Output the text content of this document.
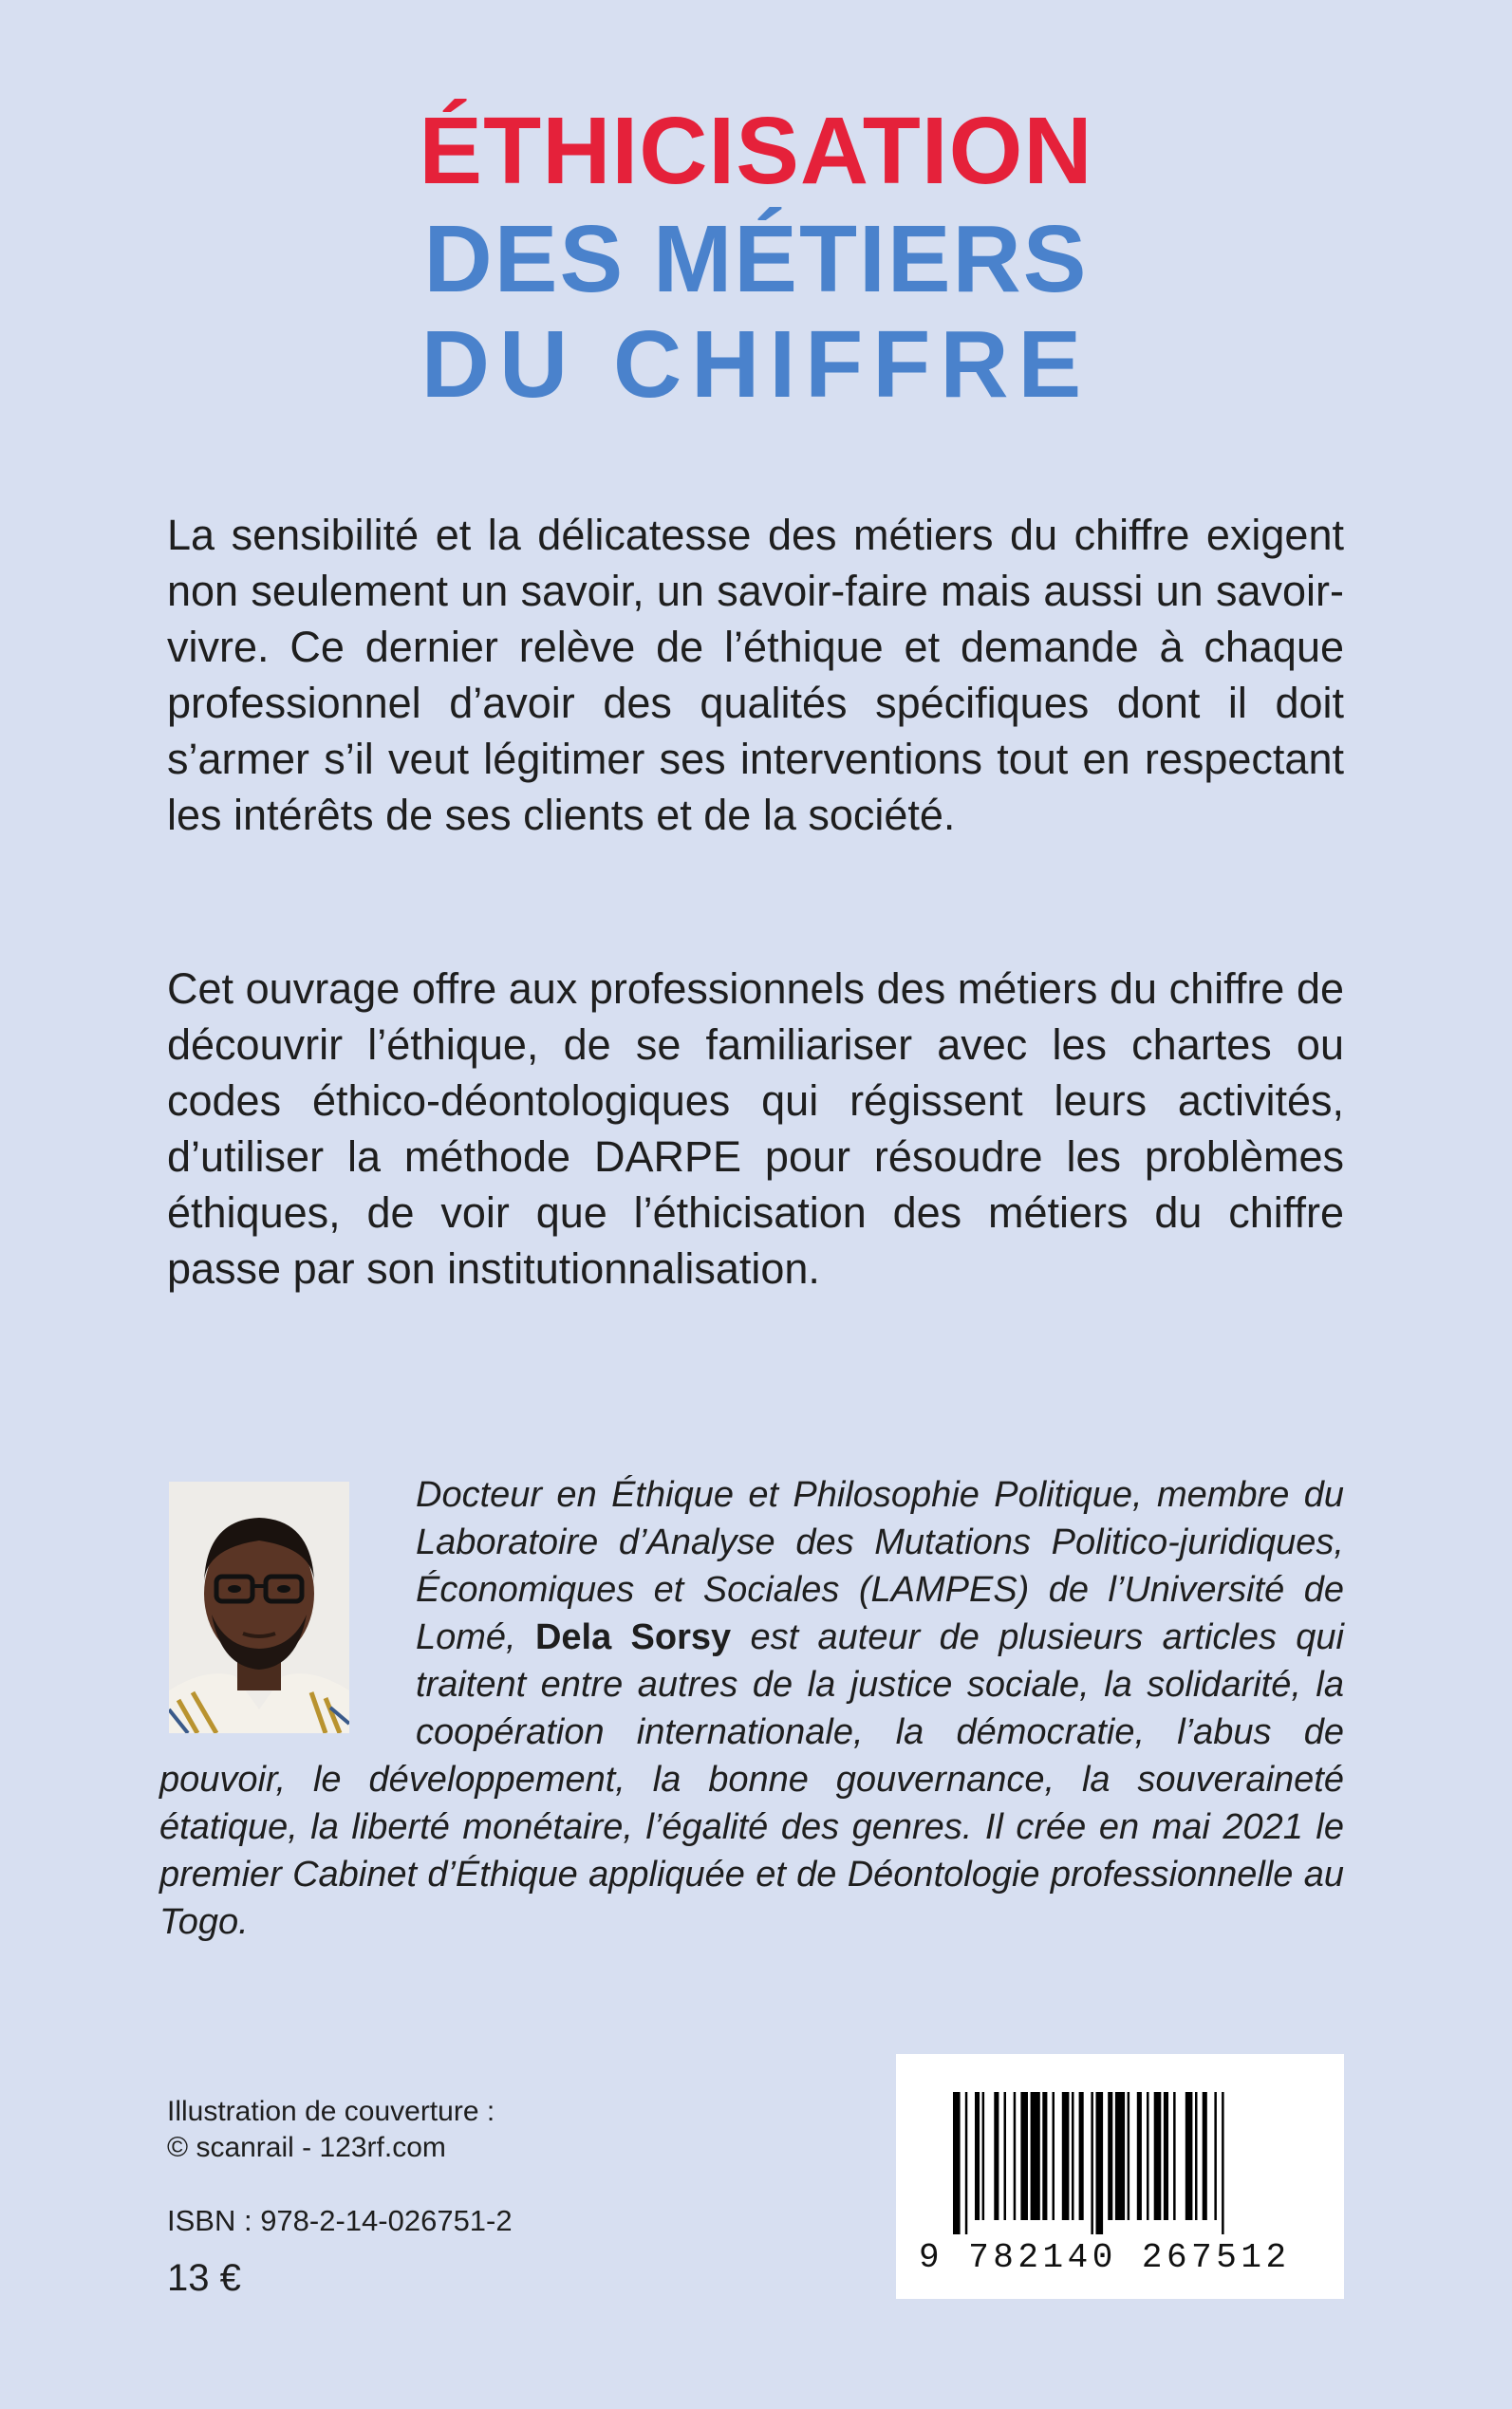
ÉTHICISATION
DES MÉTIERS
DU CHIFFRE

La sensibilité et la délicatesse des métiers du chiffre exigent non seulement un savoir, un savoir-faire mais aussi un savoir-vivre. Ce dernier relève de l’éthique et demande à chaque professionnel d’avoir des qualités spécifiques dont il doit s’armer s’il veut légitimer ses interventions tout en respectant les intérêts de ses clients et de la société.

Cet ouvrage offre aux professionnels des métiers du chiffre de découvrir l’éthique, de se familiariser avec les chartes ou codes éthico-déontologiques qui régissent leurs activités, d’utiliser la méthode DARPE pour résoudre les problèmes éthiques, de voir que l’éthicisation des métiers du chiffre passe par son institutionnalisation.

Docteur en Éthique et Philosophie Politique, membre du Laboratoire d’Analyse des Mutations Politico-juridiques, Économiques et Sociales (LAMPES) de l’Université de Lomé, Dela Sorsy est auteur de plusieurs articles qui traitent entre autres de la justice sociale, la solidarité, la coopération internationale, la démocratie, l’abus de pouvoir, le développement, la bonne gouvernance, la souveraineté étatique, la liberté monétaire, l’égalité des genres. Il crée en mai 2021 le premier Cabinet d’Éthique appliquée et de Déontologie professionnelle au Togo.

Illustration de couverture :
© scanrail - 123rf.com
ISBN : 978-2-14-026751-2
13 €	9 782140 267512
